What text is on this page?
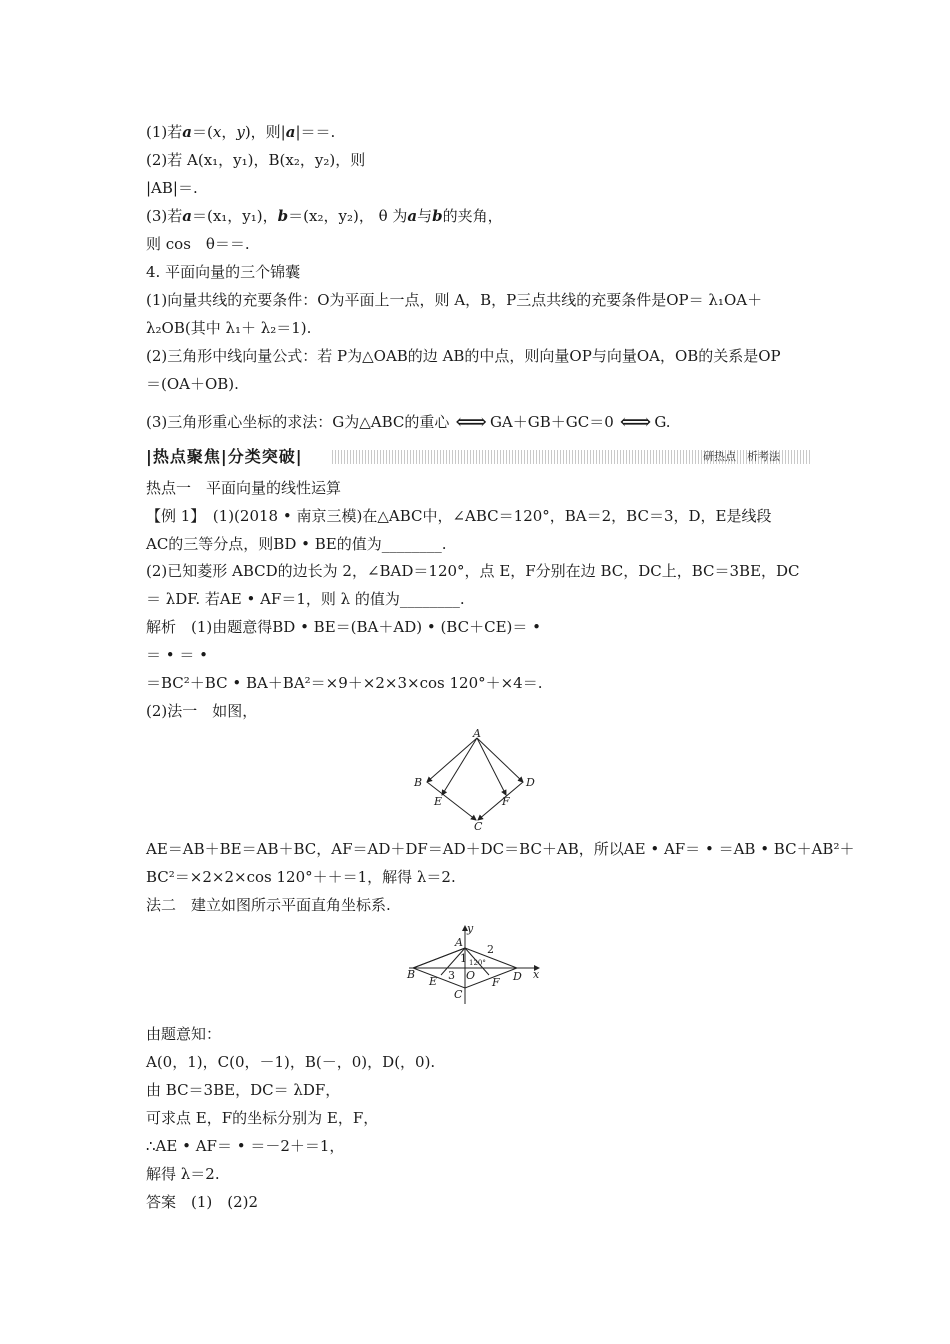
(1)若a＝(x，y)，则|a|＝＝.
(2)若 A(x₁，y₁)，B(x₂，y₂)，则
|AB|＝.
(3)若a＝(x₁，y₁)，b＝(x₂，y₂)， θ 为a与b的夹角，
则 cos　θ＝＝.
4. 平面向量的三个锦囊
(1)向量共线的充要条件：O为平面上一点，则 A，B，P三点共线的充要条件是OP＝ λ₁OA＋
λ₂OB(其中 λ₁＋ λ₂＝1).
(2)三角形中线向量公式：若 P为△OAB的边 AB的中点，则向量OP与向量OA，OB的关系是OP
＝(OA＋OB).
(3)三角形重心坐标的求法：G为△ABC的重心 ⟺ GA＋GB＋GC＝0 ⟺ G.
|热点聚焦|分类突破|	研热点　析考法
热点一　平面向量的线性运算
【例 1】　(1)(2018 • 南京三模)在△ABC中，∠ABC＝120°，BA＝2，BC＝3，D，E是线段
AC的三等分点，则BD • BE的值为________.
(2)已知菱形 ABCD的边长为 2，∠BAD＝120°，点 E，F分别在边 BC，DC上，BC＝3BE，DC
＝ λDF. 若AE • AF＝1，则 λ 的值为________.
解析　(1)由题意得BD • BE＝(BA＋AD) • (BC＋CE)＝ •
＝ • ＝ •
＝BC²＋BC • BA＋BA²＝×9＋×2×3×cos 120°＋×4＝.
(2)法一　如图，
A
B
C
D
E	F
AE＝AB＋BE＝AB＋BC，AF＝AD＋DF＝AD＋DC＝BC＋AB，所以AE • AF＝ • ＝AB • BC＋AB²＋
BC²＝×2×2×cos 120°＋＋＝1，解得 λ＝2.
法二　建立如图所示平面直角坐标系.
y
x
A
B
C
D
E	F
O
1
2
3
120°
由题意知：
A(0，1)，C(0，－1)，B(－，0)，D(，0).
由 BC＝3BE，DC＝ λDF，
可求点 E，F的坐标分别为 E，F，
∴AE • AF＝ • ＝－2＋＝1，
解得 λ＝2.
答案　(1)　(2)2
